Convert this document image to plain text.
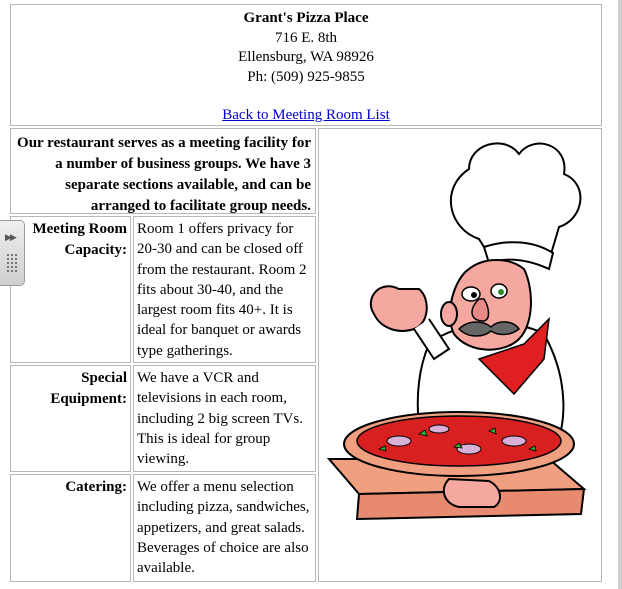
Grant's Pizza Place
716 E. 8th
Ellensburg, WA 98926
Ph: (509) 925-9855
Back to Meeting Room List
Our restaurant serves as a meeting facility for a number of business groups. We have 3 separate sections available, and can be arranged to facilitate group needs.
Meeting Room Capacity:
Room 1 offers privacy for 20-30 and can be closed off from the restaurant. Room 2 fits about 30-40, and the largest room fits 40+. It is ideal for banquet or awards type gatherings.
Special Equipment:
We have a VCR and televisions in each room, including 2 big screen TVs. This is ideal for group viewing.
Catering: We offer a menu selection including pizza, sandwiches, appetizers, and great salads. Beverages of choice are also available.
▶▶
